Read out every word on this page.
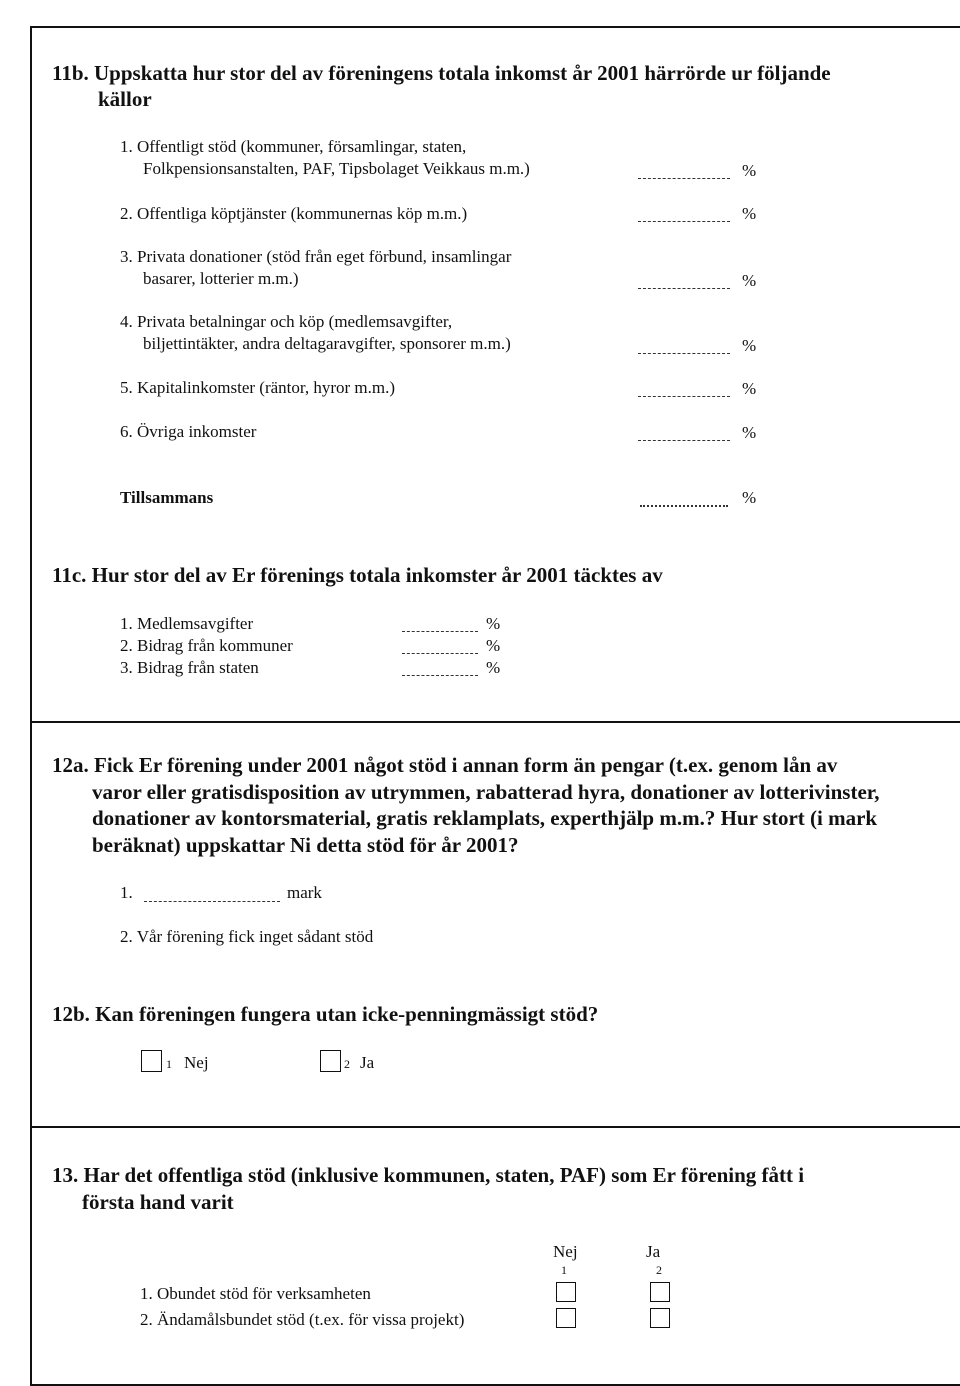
11b. Uppskatta hur stor del av föreningens totala inkomst år 2001 härrörde ur följande
källor
1. Offentligt stöd (kommuner, församlingar, staten,
Folkpensionsanstalten, PAF, Tipsbolaget Veikkaus m.m.)	%
2. Offentliga köptjänster (kommunernas köp m.m.)	%
3. Privata donationer (stöd från eget förbund, insamlingar
basarer, lotterier m.m.)	%
4. Privata betalningar och köp (medlemsavgifter,
biljettintäkter, andra deltagaravgifter, sponsorer m.m.)	%
5. Kapitalinkomster (räntor, hyror m.m.)	%
6. Övriga inkomster	%
Tillsammans	%
11c. Hur stor del av Er förenings totala inkomster år 2001 täcktes av
1. Medlemsavgifter	%
2. Bidrag från kommuner	%
3. Bidrag från staten	%
12a. Fick Er förening under 2001 något stöd i annan form än pengar (t.ex. genom lån av
varor eller gratisdisposition av utrymmen, rabatterad hyra, donationer av lotterivinster,
donationer av kontorsmaterial, gratis reklamplats, experthjälp m.m.? Hur stort (i mark
beräknat) uppskattar Ni detta stöd för år 2001?
1.	mark
2. Vår förening fick inget sådant stöd
12b. Kan föreningen fungera utan icke-penningmässigt stöd?
1 Nej	2 Ja
13. Har det offentliga stöd (inklusive kommunen, staten, PAF) som Er förening fått i
första hand varit
Nej	Ja
1	2
1. Obundet stöd för verksamheten
2. Ändamålsbundet stöd (t.ex. för vissa projekt)
